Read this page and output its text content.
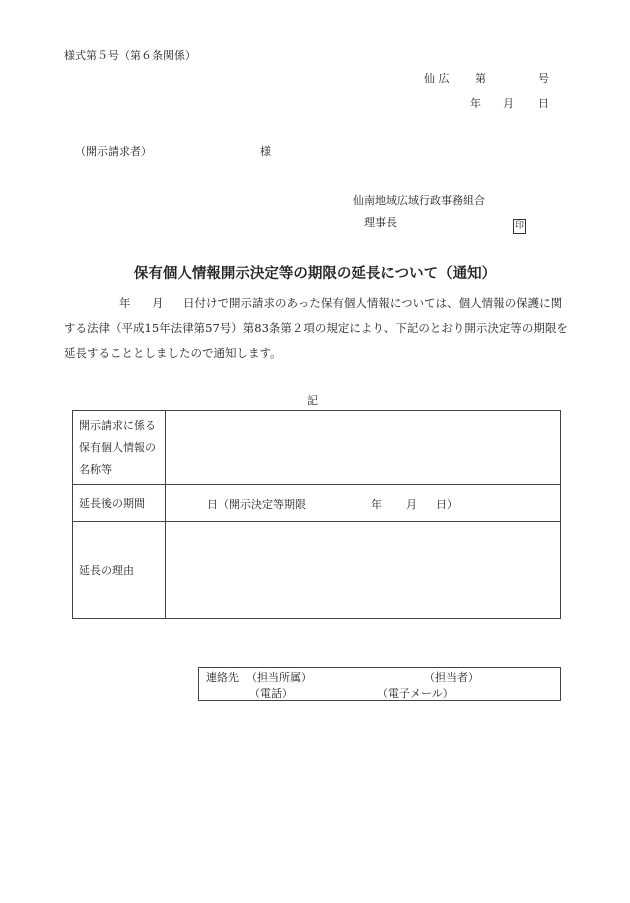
様式第５号（第６条関係）
仙 広 第	号
年 月 日
（開示請求者）	様
仙南地域広域行政事務組合
理事長	印
保有個人情報開示決定等の期限の延長について（通知）
年 月 日付けで開示請求のあった保有個人情報については、個人情報の保護に関
する法律（平成15年法律第57号）第83条第２項の規定により、下記のとおり開示決定等の期限を
延長することとしましたので通知します。
記
開示請求に係る
保有個人情報の
名称等	

延長後の期間	日（開示決定等期限 年 月 日）

延長の理由	
連絡先 （担当所属）	（担当者）
（電話）	（電子メール）
